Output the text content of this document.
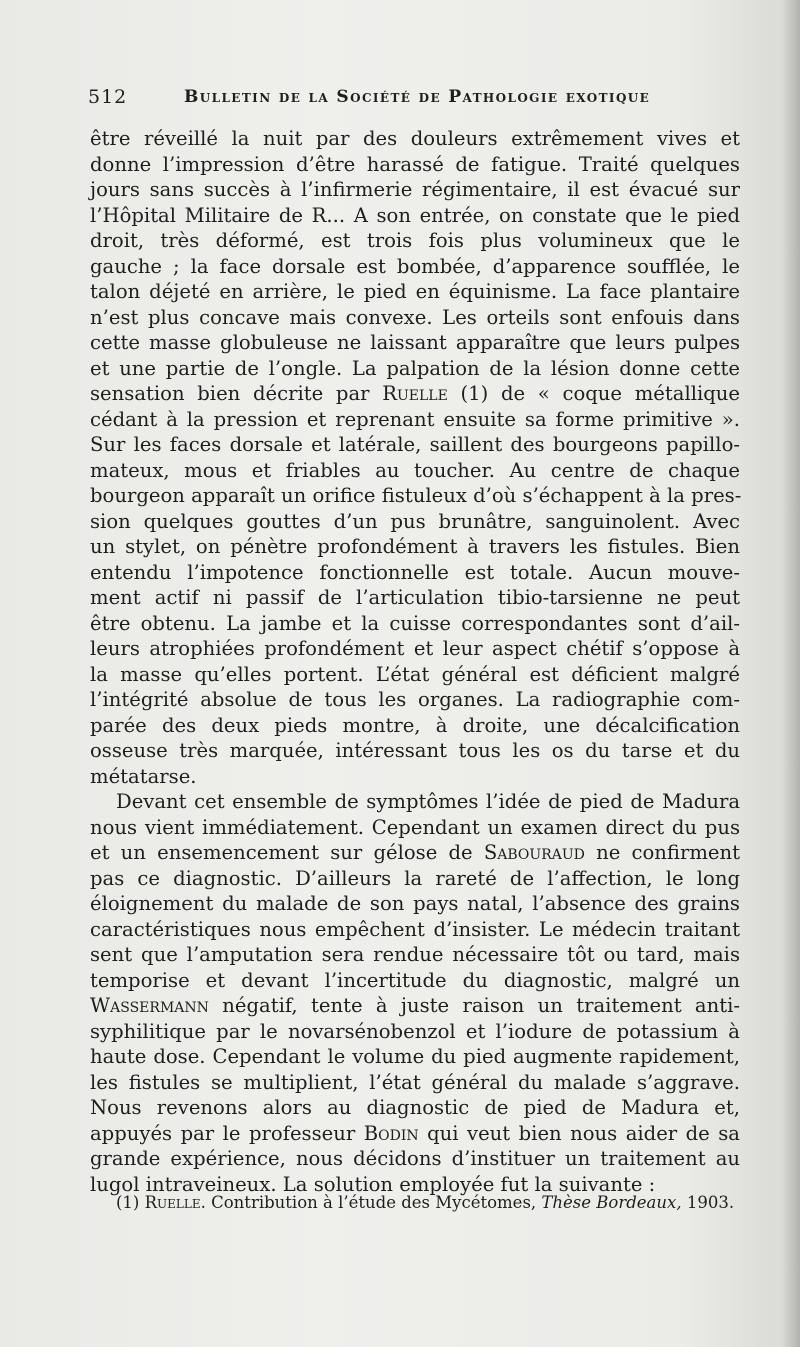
512	Bulletin de la Société de Pathologie exotique
être réveillé la nuit par des douleurs extrêmement vives et
donne l’impression d’être harassé de fatigue. Traité quelques
jours sans succès à l’infirmerie régimentaire, il est évacué sur
l’Hôpital Militaire de R... A son entrée, on constate que le pied
droit, très déformé, est trois fois plus volumineux que le
gauche ; la face dorsale est bombée, d’apparence soufflée, le
talon déjeté en arrière, le pied en équinisme. La face plantaire
n’est plus concave mais convexe. Les orteils sont enfouis dans
cette masse globuleuse ne laissant apparaître que leurs pulpes
et une partie de l’ongle. La palpation de la lésion donne cette
sensation bien décrite par Ruelle (1) de « coque métallique
cédant à la pression et reprenant ensuite sa forme primitive ».
Sur les faces dorsale et latérale, saillent des bourgeons papillo-
mateux, mous et friables au toucher. Au centre de chaque
bourgeon apparaît un orifice fistuleux d’où s’échappent à la pres-
sion quelques gouttes d’un pus brunâtre, sanguinolent. Avec
un stylet, on pénètre profondément à travers les fistules. Bien
entendu l’impotence fonctionnelle est totale. Aucun mouve-
ment actif ni passif de l’articulation tibio-tarsienne ne peut
être obtenu. La jambe et la cuisse correspondantes sont d’ail-
leurs atrophiées profondément et leur aspect chétif s’oppose à
la masse qu’elles portent. L’état général est déficient malgré
l’intégrité absolue de tous les organes. La radiographie com-
parée des deux pieds montre, à droite, une décalcification
osseuse très marquée, intéressant tous les os du tarse et du
métatarse.
Devant cet ensemble de symptômes l’idée de pied de Madura
nous vient immédiatement. Cependant un examen direct du pus
et un ensemencement sur gélose de Sabouraud ne confirment
pas ce diagnostic. D’ailleurs la rareté de l’affection, le long
éloignement du malade de son pays natal, l’absence des grains
caractéristiques nous empêchent d’insister. Le médecin traitant
sent que l’amputation sera rendue nécessaire tôt ou tard, mais
temporise et devant l’incertitude du diagnostic, malgré un
Wassermann négatif, tente à juste raison un traitement anti-
syphilitique par le novarsénobenzol et l’iodure de potassium à
haute dose. Cependant le volume du pied augmente rapidement,
les fistules se multiplient, l’état général du malade s’aggrave.
Nous revenons alors au diagnostic de pied de Madura et,
appuyés par le professeur Bodin qui veut bien nous aider de sa
grande expérience, nous décidons d’instituer un traitement au
lugol intraveineux. La solution employée fut la suivante :
(1) Ruelle. Contribution à l’étude des Mycétomes, Thèse Bordeaux, 1903.
